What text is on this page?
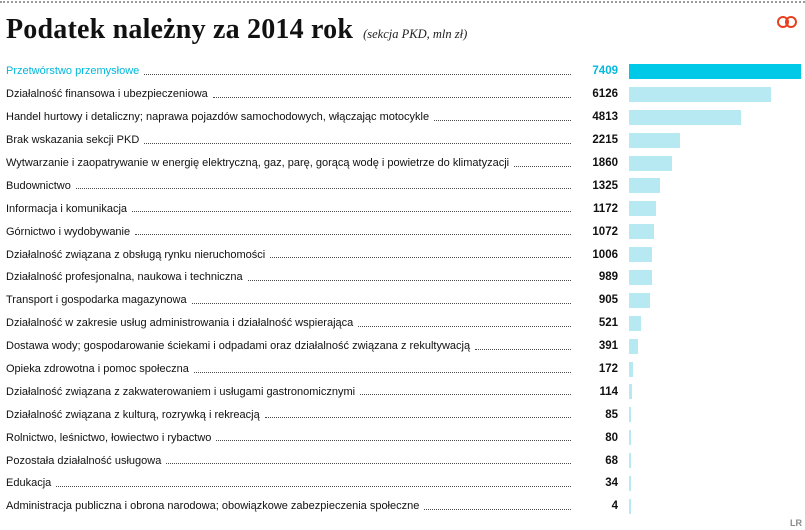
Podatek należny za 2014 rok (sekcja PKD, mln zł)
Przetwórstwo przemysłowe	7409
Działalność finansowa i ubezpieczeniowa	6126
Handel hurtowy i detaliczny; naprawa pojazdów samochodowych, włączając motocykle	4813
Brak wskazania sekcji PKD	2215
Wytwarzanie i zaopatrywanie w energię elektryczną, gaz, parę, gorącą wodę i powietrze do klimatyzacji	1860
Budownictwo	1325
Informacja i komunikacja	1172
Górnictwo i wydobywanie	1072
Działalność związana z obsługą rynku nieruchomości	1006
Działalność profesjonalna, naukowa i techniczna	989
Transport i gospodarka magazynowa	905
Działalność w zakresie usług administrowania i działalność wspierająca	521
Dostawa wody; gospodarowanie ściekami i odpadami oraz działalność związana z rekultywacją	391
Opieka zdrowotna i pomoc społeczna	172
Działalność związana z zakwaterowaniem i usługami gastronomicznymi	114
Działalność związana z kulturą, rozrywką i rekreacją	85
Rolnictwo, leśnictwo, łowiectwo i rybactwo	80
Pozostała działalność usługowa	68
Edukacja	34
Administracja publiczna i obrona narodowa; obowiązkowe zabezpieczenia społeczne	4
LR
